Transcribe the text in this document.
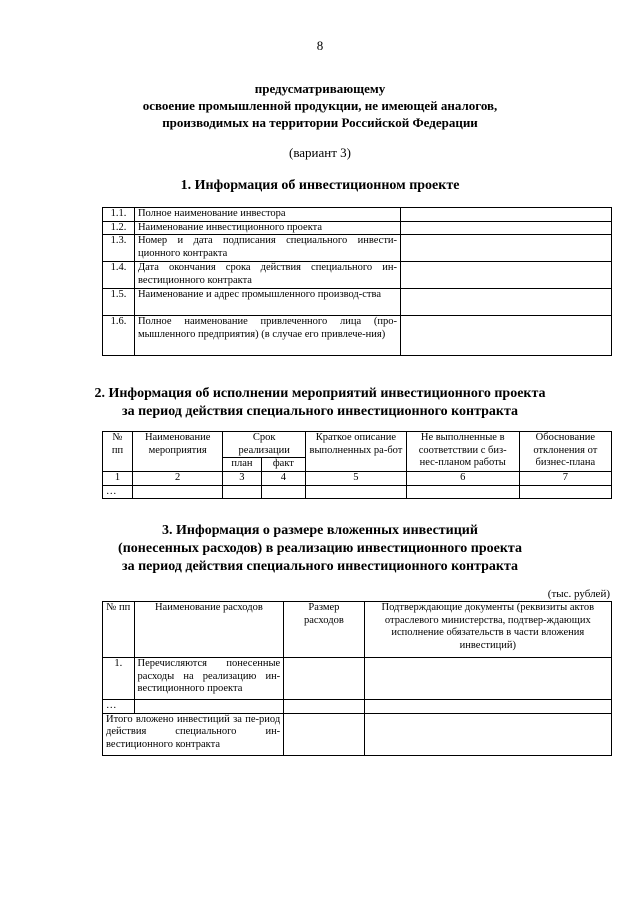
8
предусматривающему
освоение промышленной продукции, не имеющей аналогов,
производимых на территории Российской Федерации
(вариант 3)
1. Информация об инвестиционном проекте
1.1.	Полное наименование инвестора	
1.2.	Наименование инвестиционного проекта	
1.3.	Номер и дата подписания специального инвести-ционного контракта	
1.4.	Дата окончания срока действия специального ин-вестиционного контракта	
1.5.	Наименование и адрес промышленного производ-ства	
1.6.	Полное наименование привлеченного лица (про-мышленного предприятия) (в случае его привлече-ния)	
2. Информация об исполнении мероприятий инвестиционного проекта
за период действия специального инвестиционного контракта
№ пп	Наименование мероприятия	Срок реализации		Краткое описание выполненных ра-бот	Не выполненные в соответствии с биз-нес-планом работы	Обоснование отклонения от бизнес-плана
		план	факт			
1	2	3	4	5	6	7
…						
3. Информация о размере вложенных инвестиций
(понесенных расходов) в реализацию инвестиционного проекта
за период действия специального инвестиционного контракта
(тыс. рублей)
№ пп	Наименование расходов	Размер расходов	Подтверждающие документы (реквизиты актов отраслевого министерства, подтвер-ждающих исполнение обязательств в части вложения инвестиций)
1.	Перечисляются понесенные расходы на реализацию ин-вестиционного проекта		
…			
Итого вложено инвестиций за пе-риод действия специального ин-вестиционного контракта			
